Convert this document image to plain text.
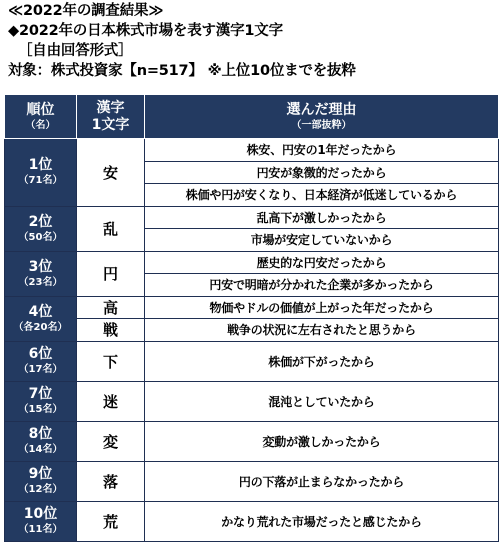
≪2022年の調査結果≫
◆2022年の日本株式市場を表す漢字1文字
［自由回答形式］
対象：株式投資家【n=517】 ※上位10位までを抜粋
順位
（名）	漢字
1文字	選んだ理由
（一部抜粋）

1位
（71名）	安	株安、円安の1年だったから
		円安が象徴的だったから
		株価や円が安くなり、日本経済が低迷しているから

2位
（50名）	乱	乱高下が激しかったから
		市場が安定していないから

3位
（23名）	円	歴史的な円安だったから
		円安で明暗が分かれた企業が多かったから

4位
（各20名）	高	物価やドルの価値が上がった年だったから
	戦	戦争の状況に左右されたと思うから

6位
（17名）	下	株価が下がったから

7位
（15名）	迷	混沌としていたから

8位
（14名）	変	変動が激しかったから

9位
（12名）	落	円の下落が止まらなかったから

10位
（11名）	荒	かなり荒れた市場だったと感じたから
